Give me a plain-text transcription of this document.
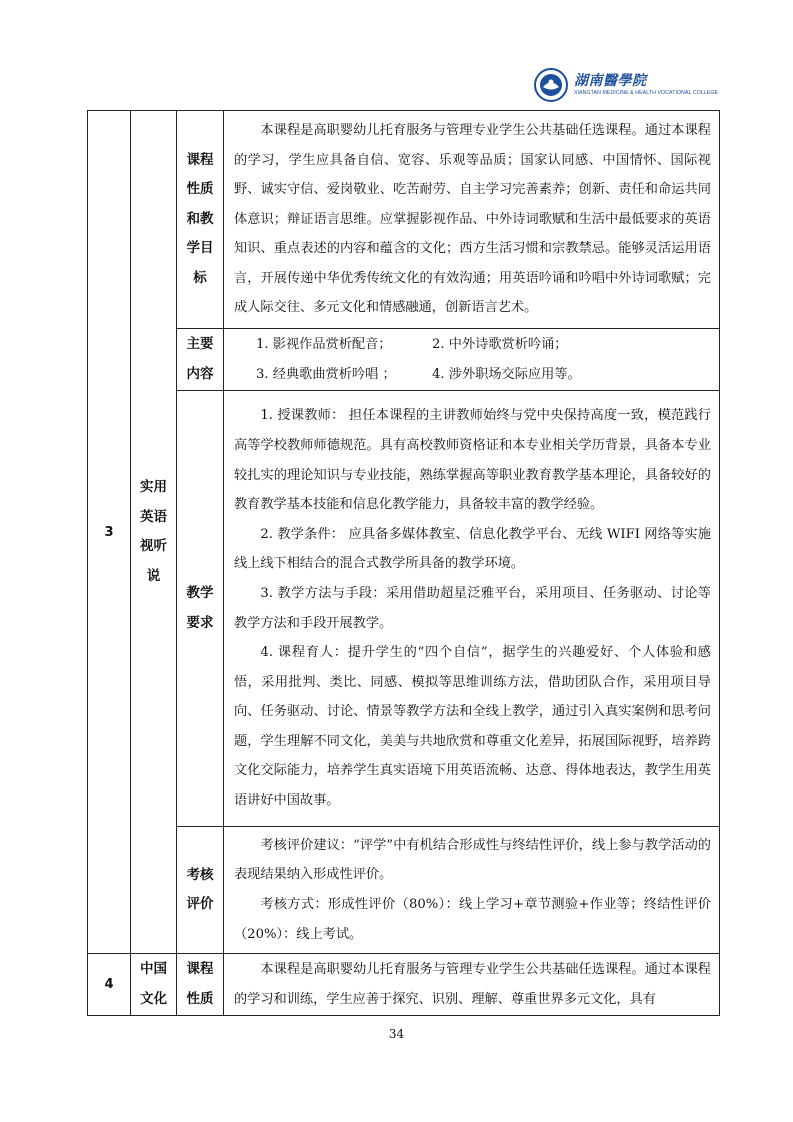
湖南醫學院
XIANGTAN MEDICINE & HEALTH VOCATIONAL COLLEGE
3	实用英语视听说	课程性质和教学目标	本课程是高职婴幼儿托育服务与管理专业学生公共基础任选课程。通过本课程的学习，学生应具备自信、宽容、乐观等品质；国家认同感、中国情怀、国际视野、诚实守信、爱岗敬业、吃苦耐劳、自主学习完善素养；创新、责任和命运共同体意识；辩证语言思维。应掌握影视作品、中外诗词歌赋和生活中最低要求的英语知识、重点表述的内容和蕴含的文化；西方生活习惯和宗教禁忌。能够灵活运用语言，开展传递中华优秀传统文化的有效沟通；用英语吟诵和吟唱中外诗词歌赋；完成人际交往、多元文化和情感融通，创新语言艺术。

		主要内容	1. 影视作品赏析配音； 2. 中外诗歌赏析吟诵；
3. 经典歌曲赏析吟唱 ； 4. 涉外职场交际应用等。

		教学要求	1. 授课教师： 担任本课程的主讲教师始终与党中央保持高度一致，模范践行高等学校教师师德规范。具有高校教师资格证和本专业相关学历背景，具备本专业较扎实的理论知识与专业技能，熟练掌握高等职业教育教学基本理论，具备较好的教育教学基本技能和信息化教学能力，具备较丰富的教学经验。

2. 教学条件： 应具备多媒体教室、信息化教学平台、无线 WIFI 网络等实施线上线下相结合的混合式教学所具备的教学环境。

3. 教学方法与手段：采用借助超星泛雅平台，采用项目、任务驱动、讨论等教学方法和手段开展教学。

4. 课程育人：提升学生的“四个自信”，据学生的兴趣爱好、个人体验和感悟，采用批判、类比、同感、模拟等思维训练方法，借助团队合作，采用项目导向、任务驱动、讨论、情景等教学方法和全线上教学，通过引入真实案例和思考问题，学生理解不同文化，美美与共地欣赏和尊重文化差异，拓展国际视野，培养跨文化交际能力，培养学生真实语境下用英语流畅、达意、得体地表达，教学生用英语讲好中国故事。

		考核评价	考核评价建议：“评学”中有机结合形成性与终结性评价，线上参与教学活动的表现结果纳入形成性评价。

考核方式：形成性评价（80%）：线上学习+章节测验+作业等；终结性评价（20%）：线上考试。

4	中国文化	课程性质	本课程是高职婴幼儿托育服务与管理专业学生公共基础任选课程。通过本课程的学习和训练，学生应善于探究、识别、理解、尊重世界多元文化，具有

34
